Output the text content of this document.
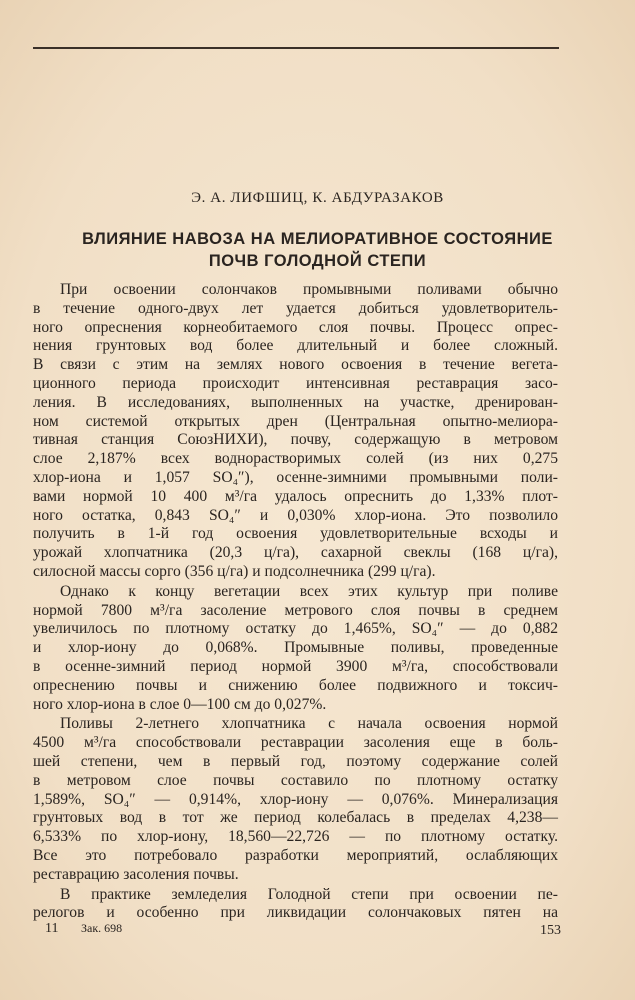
Э. А. ЛИФШИЦ, К. АБДУРАЗАКОВ
ВЛИЯНИЕ НАВОЗА НА МЕЛИОРАТИВНОЕ СОСТОЯНИЕ
ПОЧВ ГОЛОДНОЙ СТЕПИ

При освоении солончаков промывными поливами обычно
в течение одного-двух лет удается добиться удовлетворитель-
ного опреснения корнеобитаемого слоя почвы. Процесс опрес-
нения грунтовых вод более длительный и более сложный.
В связи с этим на землях нового освоения в течение вегета-
ционного периода происходит интенсивная реставрация засо-
ления. В исследованиях, выполненных на участке, дренирован-
ном системой открытых дрен (Центральная опытно-мелиора-
тивная станция СоюзНИХИ), почву, содержащую в метровом
слое 2,187% всех воднорастворимых солей (из них 0,275
хлор-иона и 1,057 SO₄″), осенне-зимними промывными поли-
вами нормой 10 400 м³/га удалось опреснить до 1,33% плот-
ного остатка, 0,843 SO₄″ и 0,030% хлор-иона. Это позволило
получить в 1-й год освоения удовлетворительные всходы и
урожай хлопчатника (20,3 ц/га), сахарной свеклы (168 ц/га),
силосной массы сорго (356 ц/га) и подсолнечника (299 ц/га).

Однако к концу вегетации всех этих культур при поливе
нормой 7800 м³/га засоление метрового слоя почвы в среднем
увеличилось по плотному остатку до 1,465%, SO₄″ — до 0,882
и хлор-иону до 0,068%. Промывные поливы, проведенные
в осенне-зимний период нормой 3900 м³/га, способствовали
опреснению почвы и снижению более подвижного и токсич-
ного хлор-иона в слое 0—100 см до 0,027%.

Поливы 2-летнего хлопчатника с начала освоения нормой
4500 м³/га способствовали реставрации засоления еще в боль-
шей степени, чем в первый год, поэтому содержание солей
в метровом слое почвы составило по плотному остатку
1,589%, SO₄″ — 0,914%, хлор-иону — 0,076%. Минерализация
грунтовых вод в тот же период колебалась в пределах 4,238—
6,533% по хлор-иону, 18,560—22,726 — по плотному остатку.
Все это потребовало разработки мероприятий, ослабляющих
реставрацию засоления почвы.

В практике земледелия Голодной степи при освоении пе-
релогов и особенно при ликвидации солончаковых пятен на

11 Зак. 698	153
